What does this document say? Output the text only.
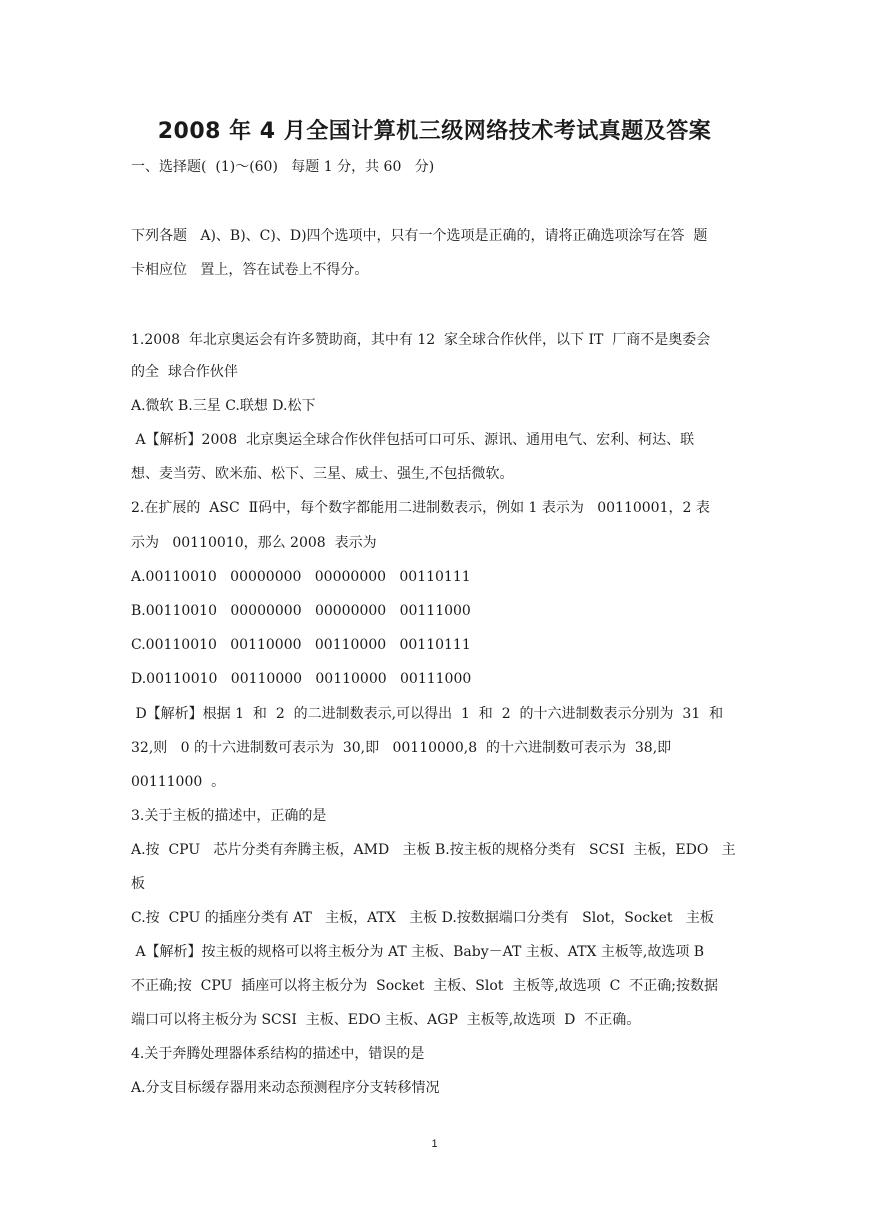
2008 年 4 月全国计算机三级网络技术考试真题及答案
一、选择题(  (1)～(60)   每题 1 分，共 60   分)
下列各题   A)、B)、C)、D)四个选项中，只有一个选项是正确的，请将正确选项涂写在答  题
卡相应位   置上，答在试卷上不得分。
1.2008  年北京奥运会有许多赞助商，其中有 12  家全球合作伙伴，以下 IT  厂商不是奥委会
的全  球合作伙伴
A.微软 B.三星 C.联想 D.松下
A【解析】2008  北京奥运全球合作伙伴包括可口可乐、源讯、通用电气、宏利、柯达、联
想、麦当劳、欧米茄、松下、三星、威士、强生,不包括微软。
2.在扩展的  ASC  Ⅱ码中，每个数字都能用二进制数表示，例如 1 表示为   00110001，2 表
示为   00110010，那么 2008  表示为
A.00110010   00000000   00000000   00110111
B.00110010   00000000   00000000   00111000
C.00110010   00110000   00110000   00110111
D.00110010   00110000   00110000   00111000
D【解析】根据 1  和  2  的二进制数表示,可以得出  1  和  2  的十六进制数表示分别为  31  和
32,则   0 的十六进制数可表示为  30,即   00110000,8  的十六进制数可表示为  38,即
00111000  。
3.关于主板的描述中，正确的是
A.按  CPU   芯片分类有奔腾主板，AMD   主板 B.按主板的规格分类有   SCSI  主板，EDO   主
板
C.按  CPU 的插座分类有 AT   主板，ATX   主板 D.按数据端口分类有   Slot，Socket   主板
A【解析】按主板的规格可以将主板分为 AT 主板、Baby－AT 主板、ATX 主板等,故选项 B
不正确;按  CPU  插座可以将主板分为  Socket  主板、Slot  主板等,故选项  C  不正确;按数据
端口可以将主板分为 SCSI  主板、EDO 主板、AGP  主板等,故选项  D  不正确。
4.关于奔腾处理器体系结构的描述中，错误的是
A.分支目标缓存器用来动态预测程序分支转移情况
1
